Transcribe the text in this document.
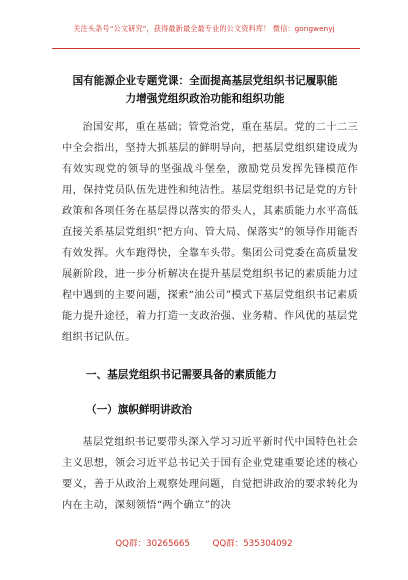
关注头条号“公文研究”，获得最新最全最专业的公文资料库！ 微信：gongwenyj
国有能源企业专题党课：全面提高基层党组织书记履职能
力增强党组织政治功能和组织功能

治国安邦，重在基础；管党治党，重在基层。党的二十二三中全会指出，坚持大抓基层的鲜明导向，把基层党组织建设成为有效实现党的领导的坚强战斗堡垒，激励党员发挥先锋模范作用，保持党员队伍先进性和纯洁性。基层党组织书记是党的方针政策和各项任务在基层得以落实的带头人，其素质能力水平高低直接关系基层党组织“把方向、管大局、保落实”的领导作用能否有效发挥。火车跑得快，全靠车头带。集团公司党委在高质量发展新阶段，进一步分析解决在提升基层党组织书记的素质能力过程中遇到的主要问题，探索“油公司”模式下基层党组织书记素质能力提升途径，着力打造一支政治强、业务精、作风优的基层党组织书记队伍。

一、基层党组织书记需要具备的素质能力
（一）旗帜鲜明讲政治

基层党组织书记要带头深入学习习近平新时代中国特色社会主义思想，领会习近平总书记关于国有企业党建重要论述的核心要义，善于从政治上观察处理问题，自觉把讲政治的要求转化为内在主动，深刻领悟“两个确立”的决

QQ群：30265665	QQ群：535304092
